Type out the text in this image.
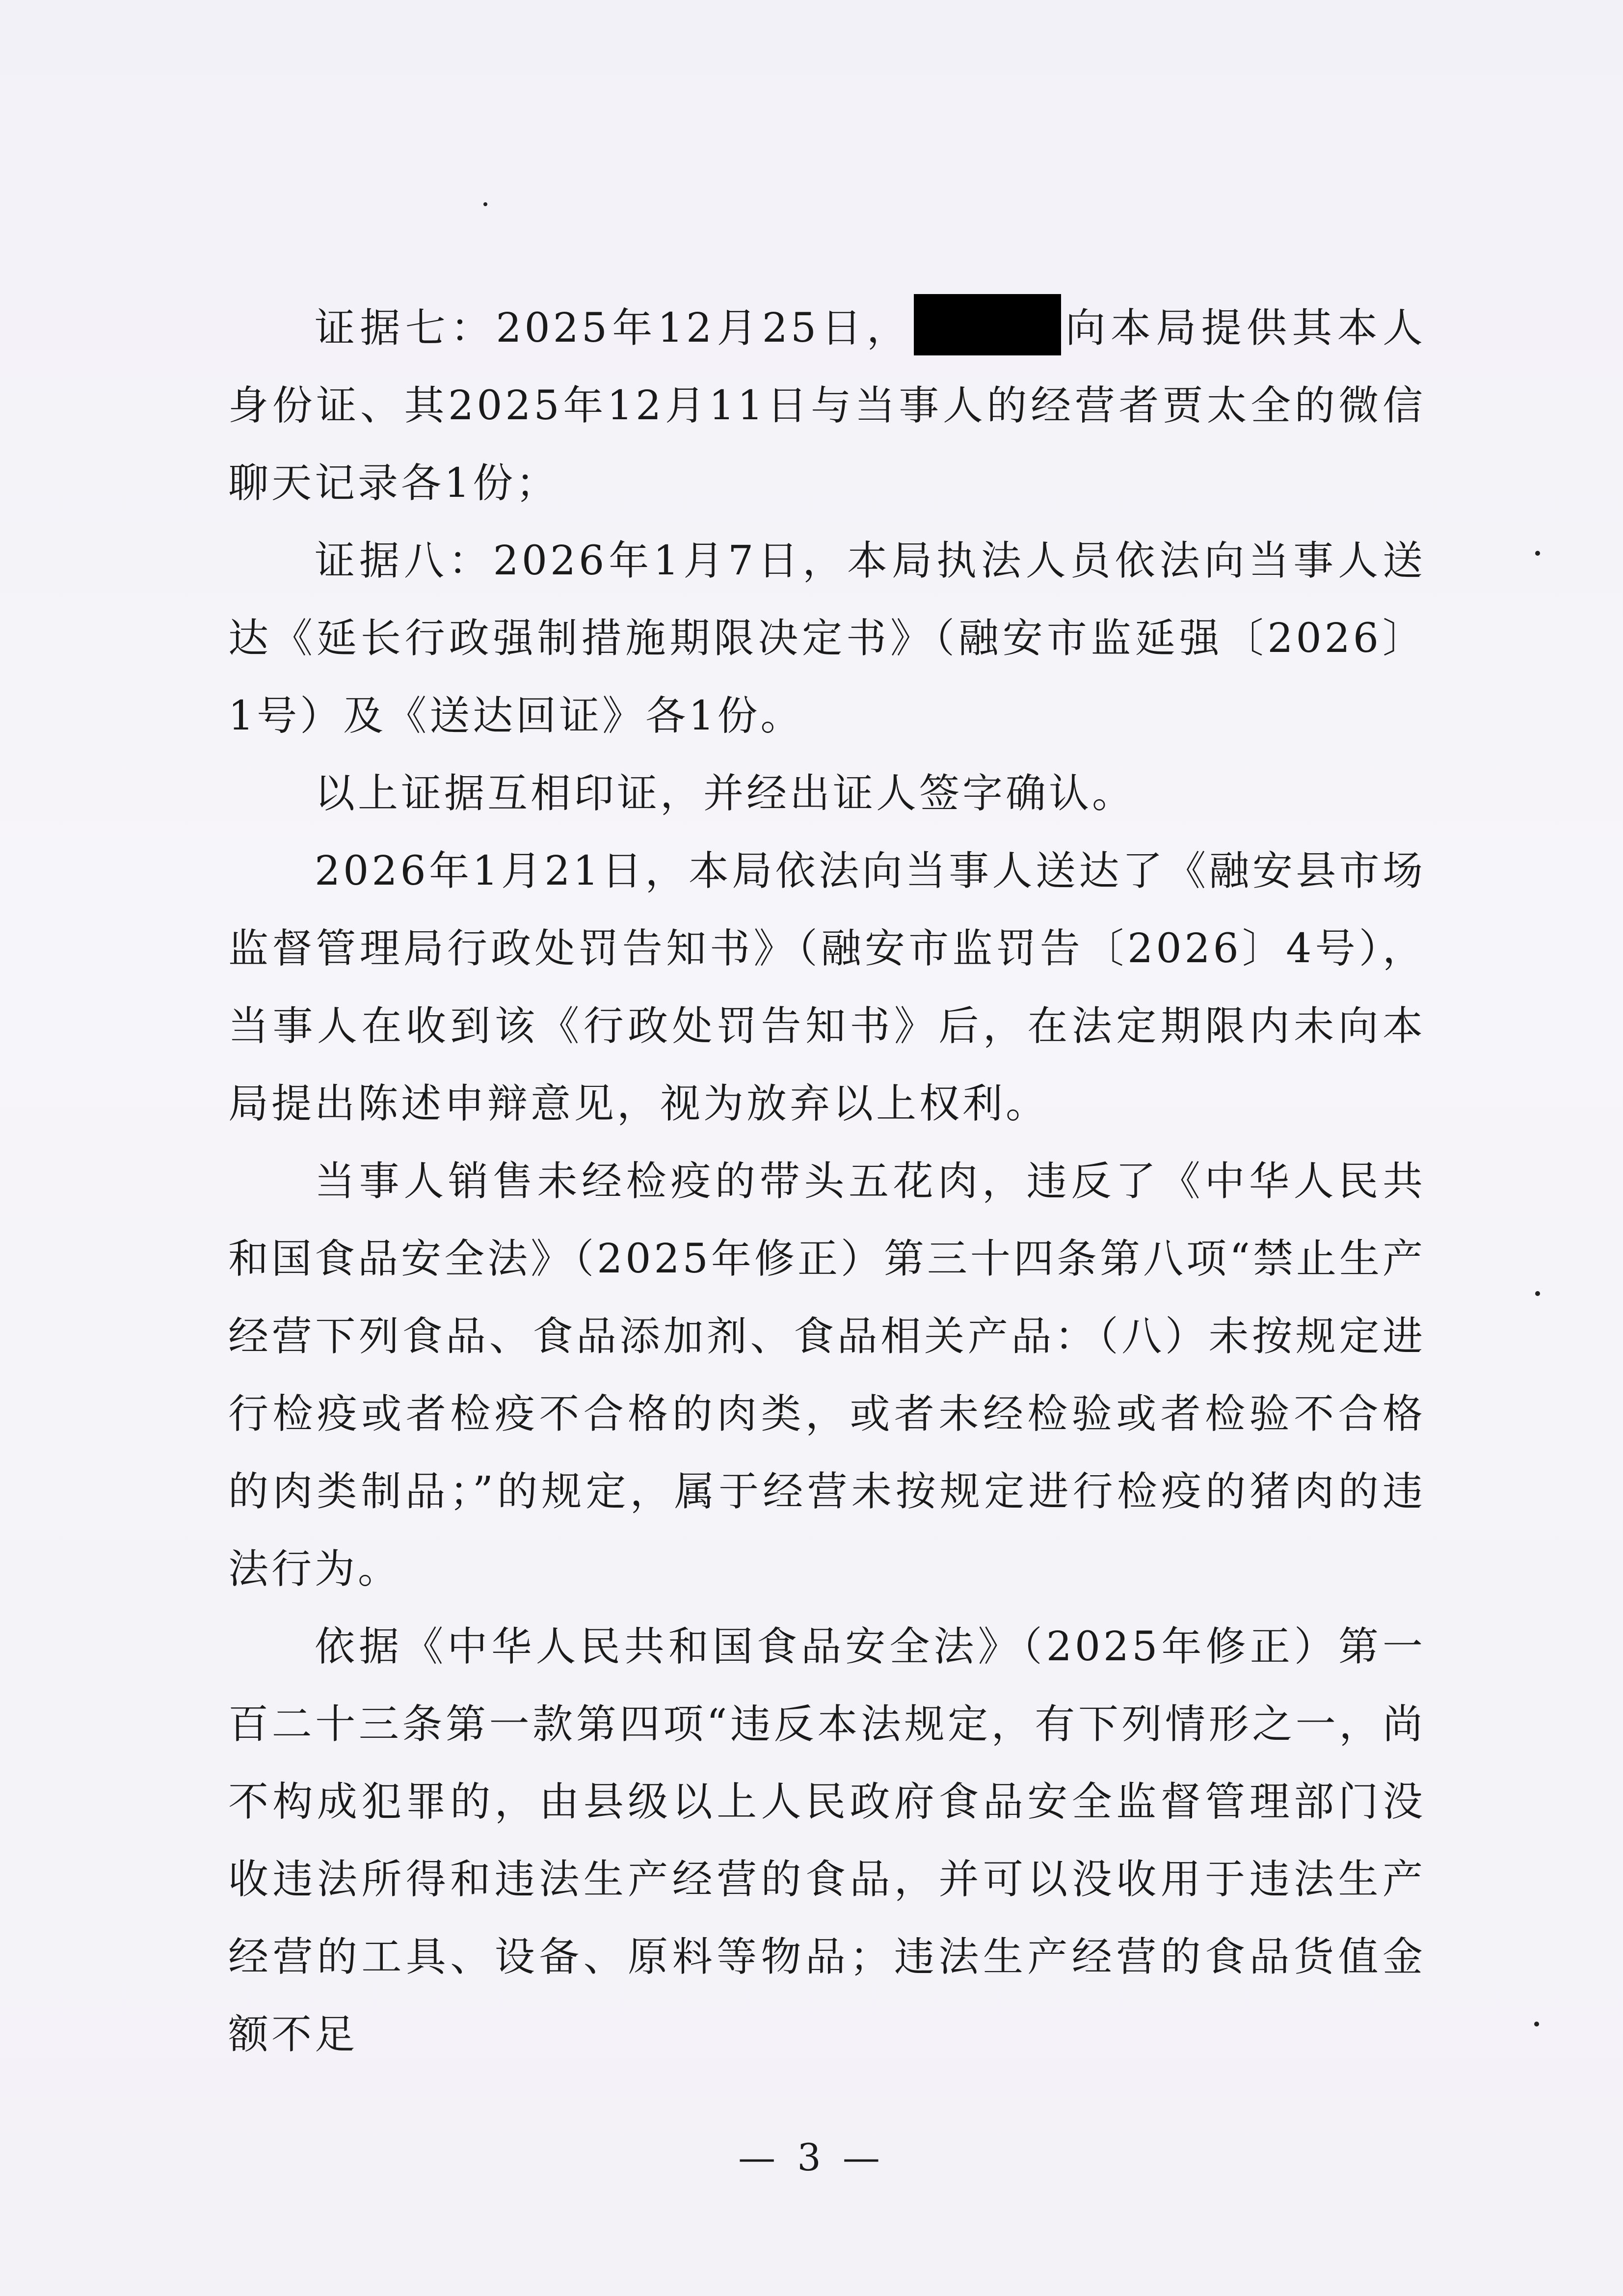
证据七：2025年12月25日，	向本局提供其本人身份证、其2025年12月11日与当事人的经营者贾太全的微信聊天记录各1份；

证据八：2026年1月7日，本局执法人员依法向当事人送达《延长行政强制措施期限决定书》（融安市监延强〔2026〕1号）及《送达回证》各1份。

以上证据互相印证，并经出证人签字确认。

2026年1月21日，本局依法向当事人送达了《融安县市场监督管理局行政处罚告知书》（融安市监罚告〔2026〕4号），当事人在收到该《行政处罚告知书》后，在法定期限内未向本局提出陈述申辩意见，视为放弃以上权利。

当事人销售未经检疫的带头五花肉，违反了《中华人民共和国食品安全法》（2025年修正）第三十四条第八项“禁止生产经营下列食品、食品添加剂、食品相关产品：（八）未按规定进行检疫或者检疫不合格的肉类，或者未经检验或者检验不合格的肉类制品；”的规定，属于经营未按规定进行检疫的猪肉的违法行为。

依据《中华人民共和国食品安全法》（2025年修正）第一百二十三条第一款第四项“违反本法规定，有下列情形之一，尚不构成犯罪的，由县级以上人民政府食品安全监督管理部门没收违法所得和违法生产经营的食品，并可以没收用于违法生产经营的工具、设备、原料等物品；违法生产经营的食品货值金额不足

— 3 —
